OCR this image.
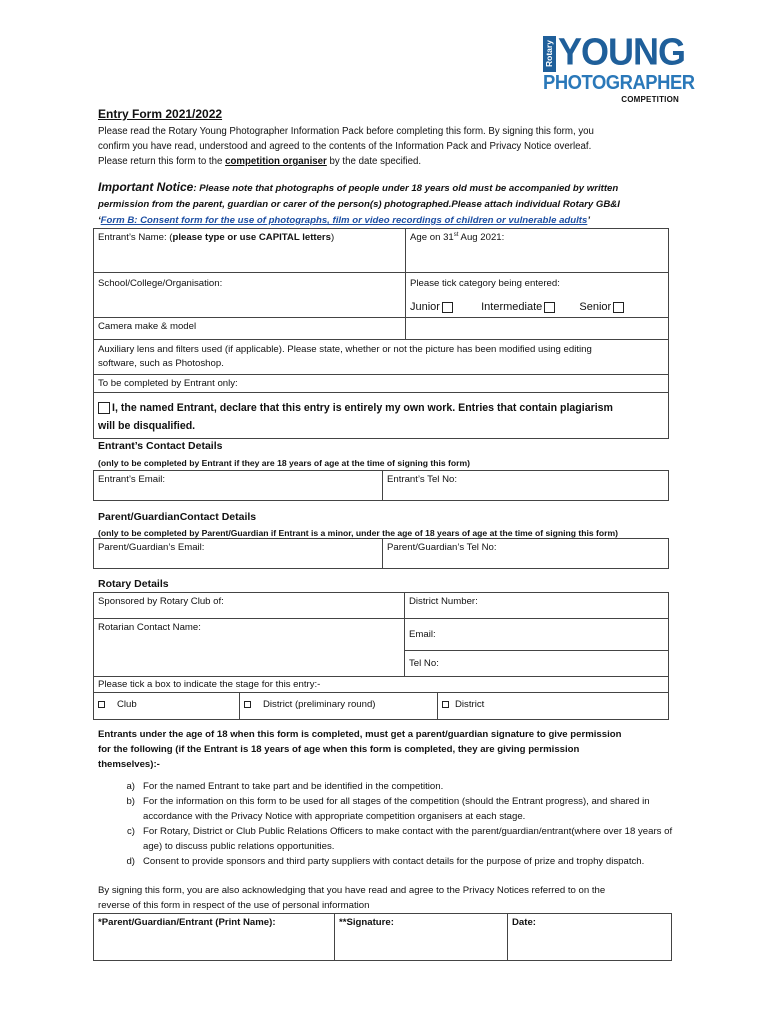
Rotary YOUNG
PHOTOGRAPHER
COMPETITION
Entry Form 2021/2022
Please read the Rotary Young Photographer Information Pack before completing this form. By signing this form, you
confirm you have read, understood and agreed to the contents of the Information Pack and Privacy Notice overleaf.
Please return this form to the competition organiser by the date specified.
Important Notice: Please note that photographs of people under 18 years old must be accompanied by written
permission from the parent, guardian or carer of the person(s) photographed.Please attach individual Rotary GB&I
‘Form B: Consent form for the use of photographs, film or video recordings of children or vulnerable adults’
Entrant’s Name: (please type or use CAPITAL letters)	Age on 31st Aug 2021:
School/College/Organisation:	Please tick category being entered:
Junior Intermediate Senior

Camera make & model	

Auxiliary lens and filters used (if applicable). Please state, whether or not the picture has been modified using editing
software, such as Photoshop.	

To be completed by Entrant only:	

I, the named Entrant, declare that this entry is entirely my own work. Entries that contain plagiarism
will be disqualified.	
Entrant’s Contact Details
(only to be completed by Entrant if they are 18 years of age at the time of signing this form)
Entrant’s Email:	Entrant’s Tel No:
Parent/GuardianContact Details
(only to be completed by Parent/Guardian if Entrant is a minor, under the age of 18 years of age at the time of signing this form)
Parent/Guardian’s Email:	Parent/Guardian’s Tel No:
Rotary Details
Sponsored by Rotary Club of:	District Number:
Rotarian Contact Name:	Email:
	Tel No:
Please tick a box to indicate the stage for this entry:-	

Club District (preliminary round) District	
Entrants under the age of 18 when this form is completed, must get a parent/guardian signature to give permission
for the following (if the Entrant is 18 years of age when this form is completed, they are giving permission
themselves):-
a) For the named Entrant to take part and be identified in the competition.
b) For the information on this form to be used for all stages of the competition (should the Entrant progress), and shared in accordance with the Privacy Notice with appropriate competition organisers at each stage.
c) For Rotary, District or Club Public Relations Officers to make contact with the parent/guardian/entrant(where over 18 years of age) to discuss public relations opportunities.
d) Consent to provide sponsors and third party suppliers with contact details for the purpose of prize and trophy dispatch.
By signing this form, you are also acknowledging that you have read and agree to the Privacy Notices referred to on the
reverse of this form in respect of the use of personal information
*Parent/Guardian/Entrant (Print Name):	**Signature:	Date:
